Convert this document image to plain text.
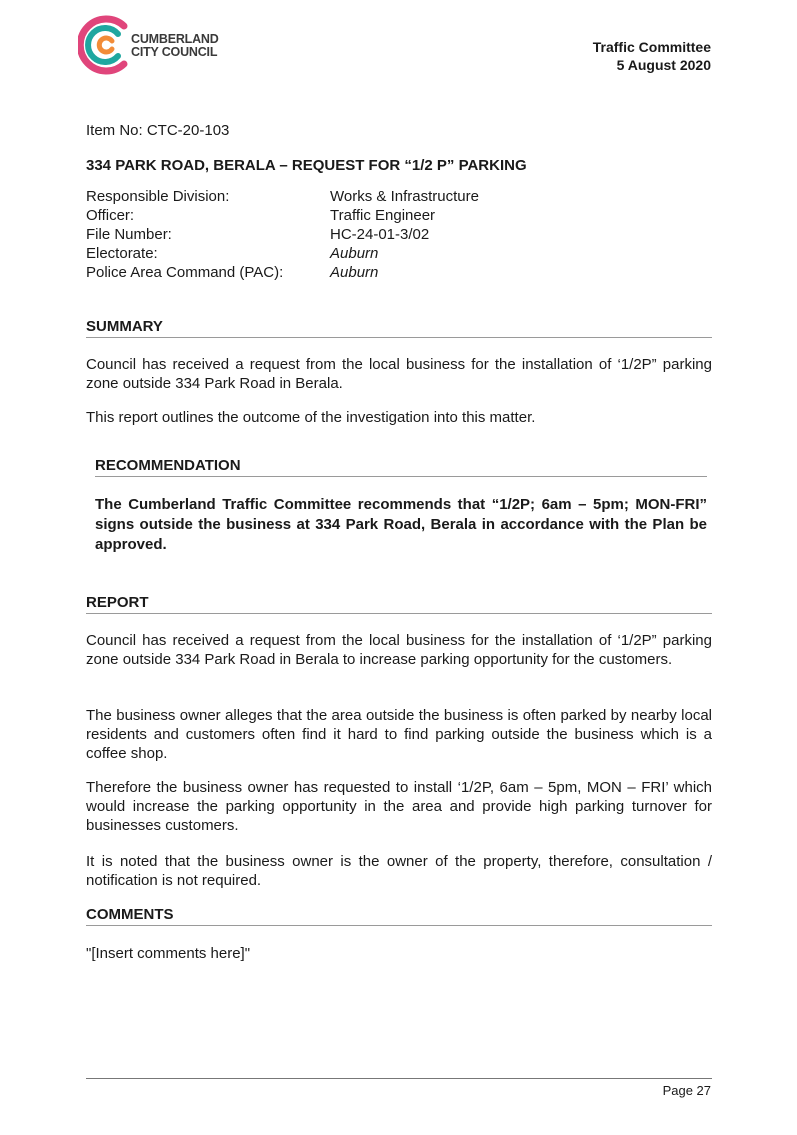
CUMBERLAND
CITY COUNCIL	Traffic Committee
5 August 2020
Item No: CTC-20-103
334 PARK ROAD, BERALA – REQUEST FOR “1/2 P” PARKING
Responsible Division:	Works & Infrastructure
Officer:	Traffic Engineer
File Number:	HC-24-01-3/02
Electorate:	Auburn
Police Area Command (PAC):	Auburn
SUMMARY
Council has received a request from the local business for the installation of ‘1/2P” parking zone outside 334 Park Road in Berala.
This report outlines the outcome of the investigation into this matter.
RECOMMENDATION
The Cumberland Traffic Committee recommends that “1/2P; 6am – 5pm; MON-FRI” signs outside the business at 334 Park Road, Berala in accordance with the Plan be approved.
REPORT
Council has received a request from the local business for the installation of ‘1/2P” parking zone outside 334 Park Road in Berala to increase parking opportunity for the customers.
The business owner alleges that the area outside the business is often parked by nearby local residents and customers often find it hard to find parking outside the business which is a coffee shop.
Therefore the business owner has requested to install ‘1/2P, 6am – 5pm, MON – FRI’ which would increase the parking opportunity in the area and provide high parking turnover for businesses customers.
It is noted that the business owner is the owner of the property, therefore, consultation / notification is not required.
COMMENTS
"[Insert comments here]"
Page 27
